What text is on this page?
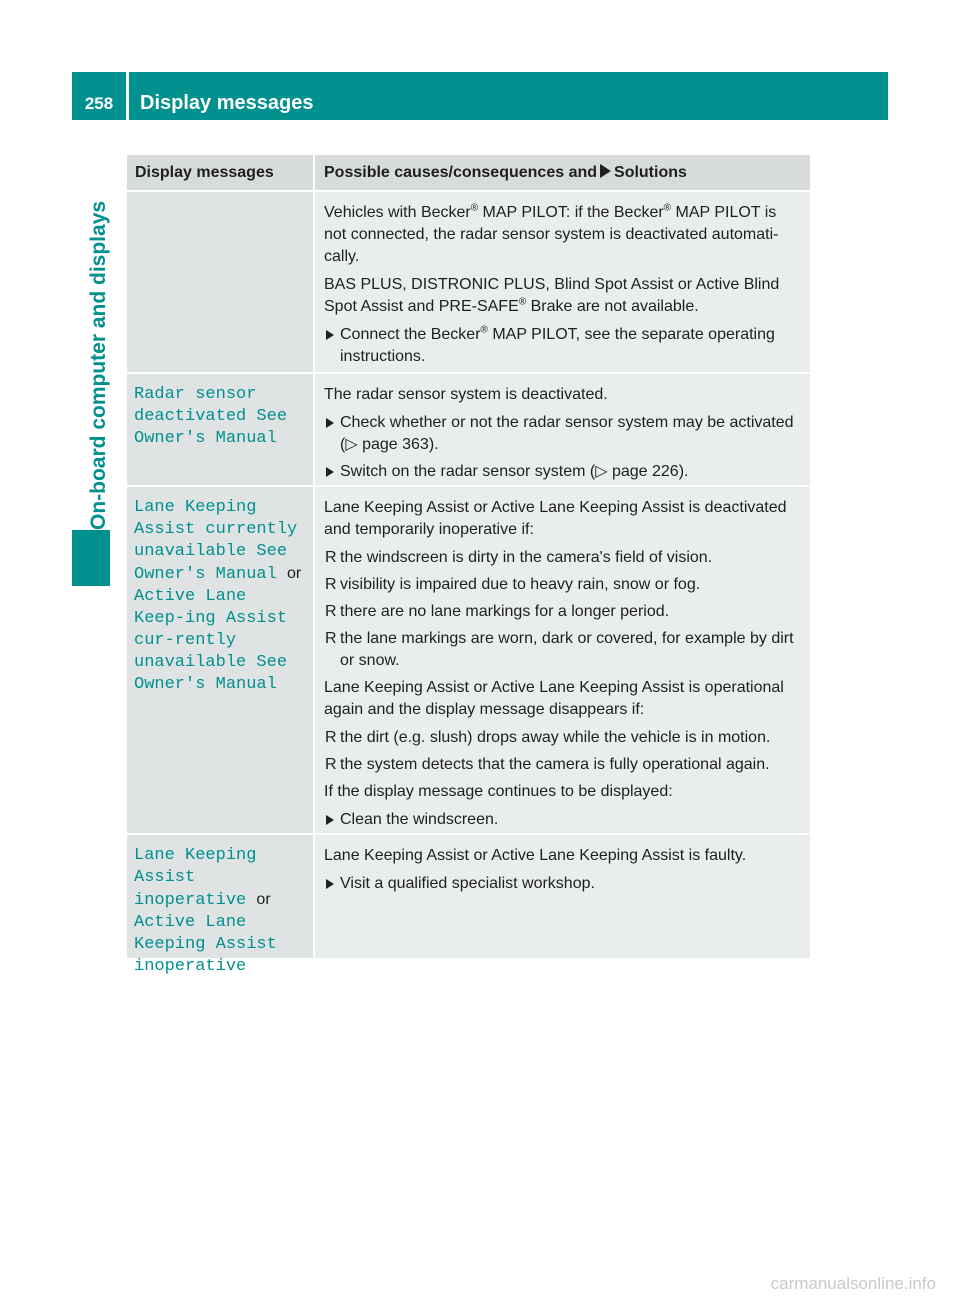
258	Display messages
On-board computer and displays
Display messages	Possible causes/consequences and Solutions

Vehicles with Becker® MAP PILOT: if the Becker® MAP PILOT is not connected, the radar sensor system is deactivated automati-cally.

BAS PLUS, DISTRONIC PLUS, Blind Spot Assist or Active Blind Spot Assist and PRE-SAFE® Brake are not available.

Connect the Becker® MAP PILOT, see the separate operating instructions.
Radar sensor deactivated See Owner's Manual

The radar sensor system is deactivated.

Check whether or not the radar sensor system may be activated (▷ page 363).
Switch on the radar sensor system (▷ page 226).
Lane Keeping Assist currently unavailable See Owner's Manual or Active Lane Keep-ing Assist cur-rently unavailable See Owner's Manual

Lane Keeping Assist or Active Lane Keeping Assist is deactivated and temporarily inoperative if:

R the windscreen is dirty in the camera's field of vision.
R visibility is impaired due to heavy rain, snow or fog.
R there are no lane markings for a longer period.
R the lane markings are worn, dark or covered, for example by dirt or snow.

Lane Keeping Assist or Active Lane Keeping Assist is operational again and the display message disappears if:

R the dirt (e.g. slush) drops away while the vehicle is in motion.
R the system detects that the camera is fully operational again.

If the display message continues to be displayed:

Clean the windscreen.
Lane Keeping Assist inoperative or Active Lane Keeping Assist inoperative

Lane Keeping Assist or Active Lane Keeping Assist is faulty.

Visit a qualified specialist workshop.
carmanualsonline.info
